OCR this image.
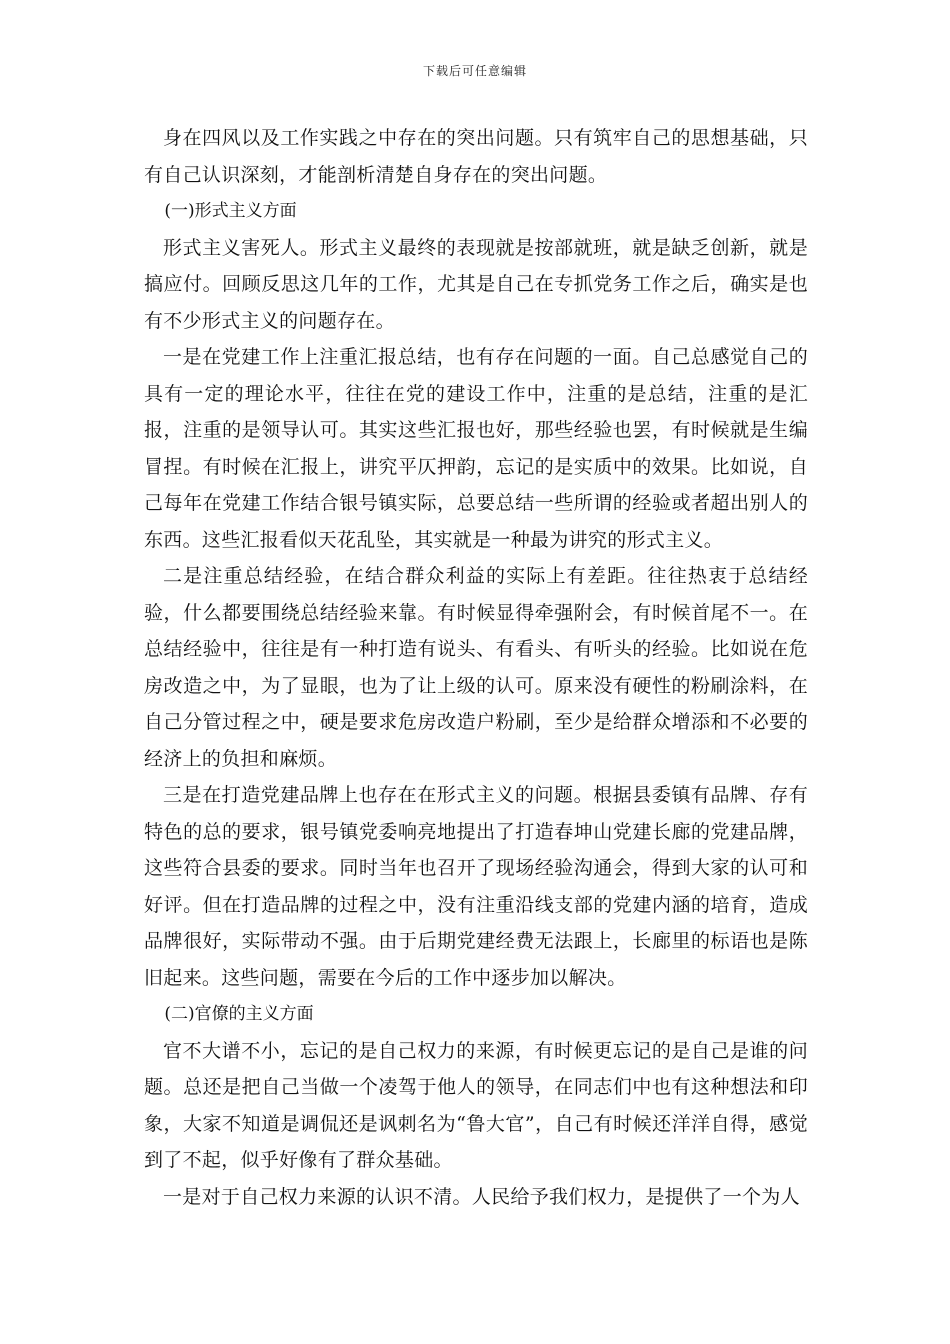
下载后可任意编辑

身在四风以及工作实践之中存在的突出问题。只有筑牢自己的思想基础，只有自己认识深刻，才能剖析清楚自身存在的突出问题。

(一)形式主义方面

形式主义害死人。形式主义最终的表现就是按部就班，就是缺乏创新，就是搞应付。回顾反思这几年的工作，尤其是自己在专抓党务工作之后，确实是也有不少形式主义的问题存在。

一是在党建工作上注重汇报总结，也有存在问题的一面。自己总感觉自己的具有一定的理论水平，往往在党的建设工作中，注重的是总结，注重的是汇报，注重的是领导认可。其实这些汇报也好，那些经验也罢，有时候就是生编冒捏。有时候在汇报上，讲究平仄押韵，忘记的是实质中的效果。比如说，自己每年在党建工作结合银号镇实际，总要总结一些所谓的经验或者超出别人的东西。这些汇报看似天花乱坠，其实就是一种最为讲究的形式主义。

二是注重总结经验，在结合群众利益的实际上有差距。往往热衷于总结经验，什么都要围绕总结经验来靠。有时候显得牵强附会，有时候首尾不一。在总结经验中，往往是有一种打造有说头、有看头、有听头的经验。比如说在危房改造之中，为了显眼，也为了让上级的认可。原来没有硬性的粉刷涂料，在自己分管过程之中，硬是要求危房改造户粉刷，至少是给群众增添和不必要的经济上的负担和麻烦。

三是在打造党建品牌上也存在在形式主义的问题。根据县委镇有品牌、存有特色的总的要求，银号镇党委响亮地提出了打造春坤山党建长廊的党建品牌，这些符合县委的要求。同时当年也召开了现场经验沟通会，得到大家的认可和好评。但在打造品牌的过程之中，没有注重沿线支部的党建内涵的培育，造成品牌很好，实际带动不强。由于后期党建经费无法跟上，长廊里的标语也是陈旧起来。这些问题，需要在今后的工作中逐步加以解决。

(二)官僚的主义方面

官不大谱不小，忘记的是自己权力的来源，有时候更忘记的是自己是谁的问题。总还是把自己当做一个凌驾于他人的领导，在同志们中也有这种想法和印象，大家不知道是调侃还是讽刺名为“鲁大官”，自己有时候还洋洋自得，感觉到了不起，似乎好像有了群众基础。

一是对于自己权力来源的认识不清。人民给予我们权力，是提供了一个为人
